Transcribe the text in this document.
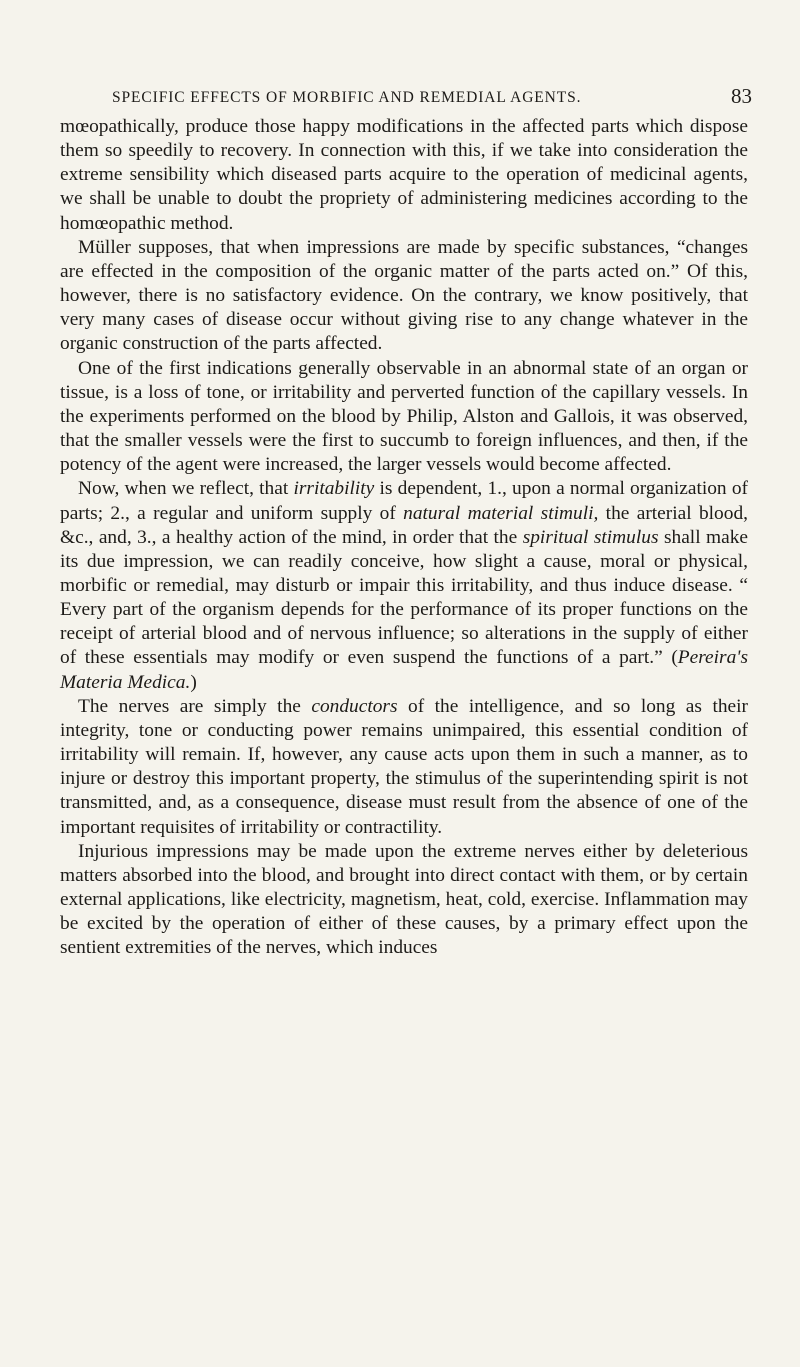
SPECIFIC EFFECTS OF MORBIFIC AND REMEDIAL AGENTS.	83

mœopathically, produce those happy modifications in the affected parts which dispose them so speedily to recovery. In connection with this, if we take into consideration the extreme sensibility which diseased parts acquire to the operation of medicinal agents, we shall be unable to doubt the propriety of administering medicines according to the homœopathic method.

Müller supposes, that when impressions are made by specific substances, “changes are effected in the composition of the organic matter of the parts acted on.” Of this, however, there is no satisfactory evidence. On the contrary, we know positively, that very many cases of disease occur without giving rise to any change whatever in the organic construction of the parts affected.

One of the first indications generally observable in an abnormal state of an organ or tissue, is a loss of tone, or irritability and perverted function of the capillary vessels. In the experiments performed on the blood by Philip, Alston and Gallois, it was observed, that the smaller vessels were the first to succumb to foreign influences, and then, if the potency of the agent were increased, the larger vessels would become affected.

Now, when we reflect, that irritability is dependent, 1., upon a normal organization of parts; 2., a regular and uniform supply of natural material stimuli, the arterial blood, &c., and, 3., a healthy action of the mind, in order that the spiritual stimulus shall make its due impression, we can readily conceive, how slight a cause, moral or physical, morbific or remedial, may disturb or impair this irritability, and thus induce disease. “ Every part of the organism depends for the performance of its proper functions on the receipt of arterial blood and of nervous influence; so alterations in the supply of either of these essentials may modify or even suspend the functions of a part.” (Pereira's Materia Medica.)

The nerves are simply the conductors of the intelligence, and so long as their integrity, tone or conducting power remains unimpaired, this essential condition of irritability will remain. If, however, any cause acts upon them in such a manner, as to injure or destroy this important property, the stimulus of the superintending spirit is not transmitted, and, as a consequence, disease must result from the absence of one of the important requisites of irritability or contractility.

Injurious impressions may be made upon the extreme nerves either by deleterious matters absorbed into the blood, and brought into direct contact with them, or by certain external applications, like electricity, magnetism, heat, cold, exercise. Inflammation may be excited by the operation of either of these causes, by a primary effect upon the sentient extremities of the nerves, which induces
